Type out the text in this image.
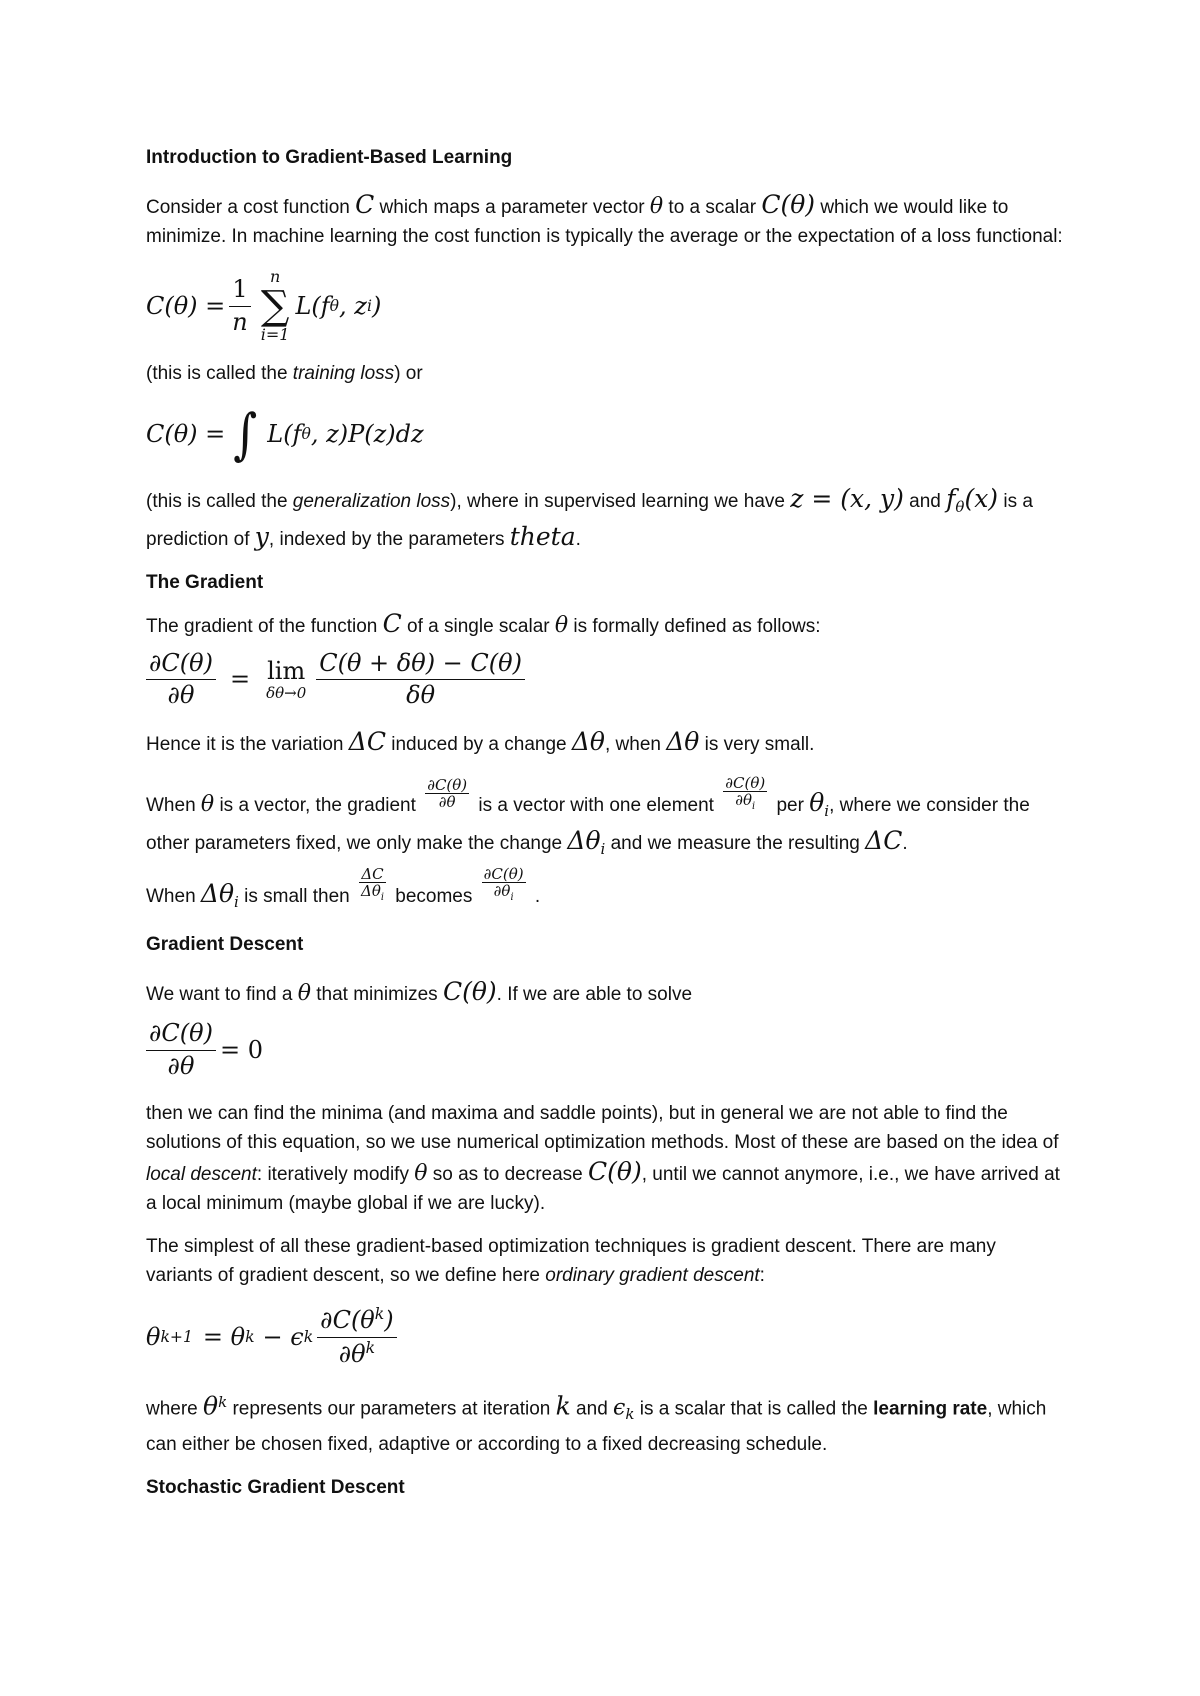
Introduction to Gradient-Based Learning

Consider a cost function C which maps a parameter vector θ to a scalar C(θ) which we would like to minimize. In machine learning the cost function is typically the average or the expectation of a loss functional:

$C(\theta) = \frac{1}{n}$ n
∑
i=1
L(f θ , z i )

(this is called the training loss) or

C(θ) = ∫ L(f θ , z)P(z)dz

(this is called the generalization loss), where in supervised learning we have z = (x, y) and $f_\theta(x)$ is a prediction of y, indexed by the parameters theta.

The Gradient

The gradient of the function C of a single scalar θ is formally defined as follows:

$\frac{\partial C(\theta)}{\partial\theta} = \lim$
$\delta\theta\to 0 \frac{C(\theta + \delta\theta) - C(\theta)}{\delta\theta}$

Hence it is the variation ΔC induced by a change Δθ, when Δθ is very small.

When θ is a vector, the gradient $\frac{\partial C(\theta)}{\partial\theta}$ is a vector with one element $\frac{\partial C(\theta)}{\partial\theta_i}$ per $\theta_i$, where we consider the other parameters fixed, we only make the change $\Delta\theta_i$ and we measure the resulting ΔC.

When $\Delta\theta_i$ is small then $\frac{\Delta C}{\Delta\theta_i}$ becomes $\frac{\partial C(\theta)}{\partial\theta_i}$ .

Gradient Descent

We want to find a θ that minimizes C(θ). If we are able to solve

$\frac{\partial C(\theta)}{\partial\theta} = 0$

then we can find the minima (and maxima and saddle points), but in general we are not able to find the solutions of this equation, so we use numerical optimization methods. Most of these are based on the idea of local descent: iteratively modify θ so as to decrease C(θ), until we cannot anymore, i.e., we have arrived at a local minimum (maybe global if we are lucky).

The simplest of all these gradient-based optimization techniques is gradient descent. There are many variants of gradient descent, so we define here ordinary gradient descent:

θ k+1 = θ k − ϵ k $\frac{\partial C(\theta^k)}{\partial\theta^k}$

where $\theta^k$ represents our parameters at iteration k and $\epsilon_k$ is a scalar that is called the learning rate, which can either be chosen fixed, adaptive or according to a fixed decreasing schedule.

Stochastic Gradient Descent
